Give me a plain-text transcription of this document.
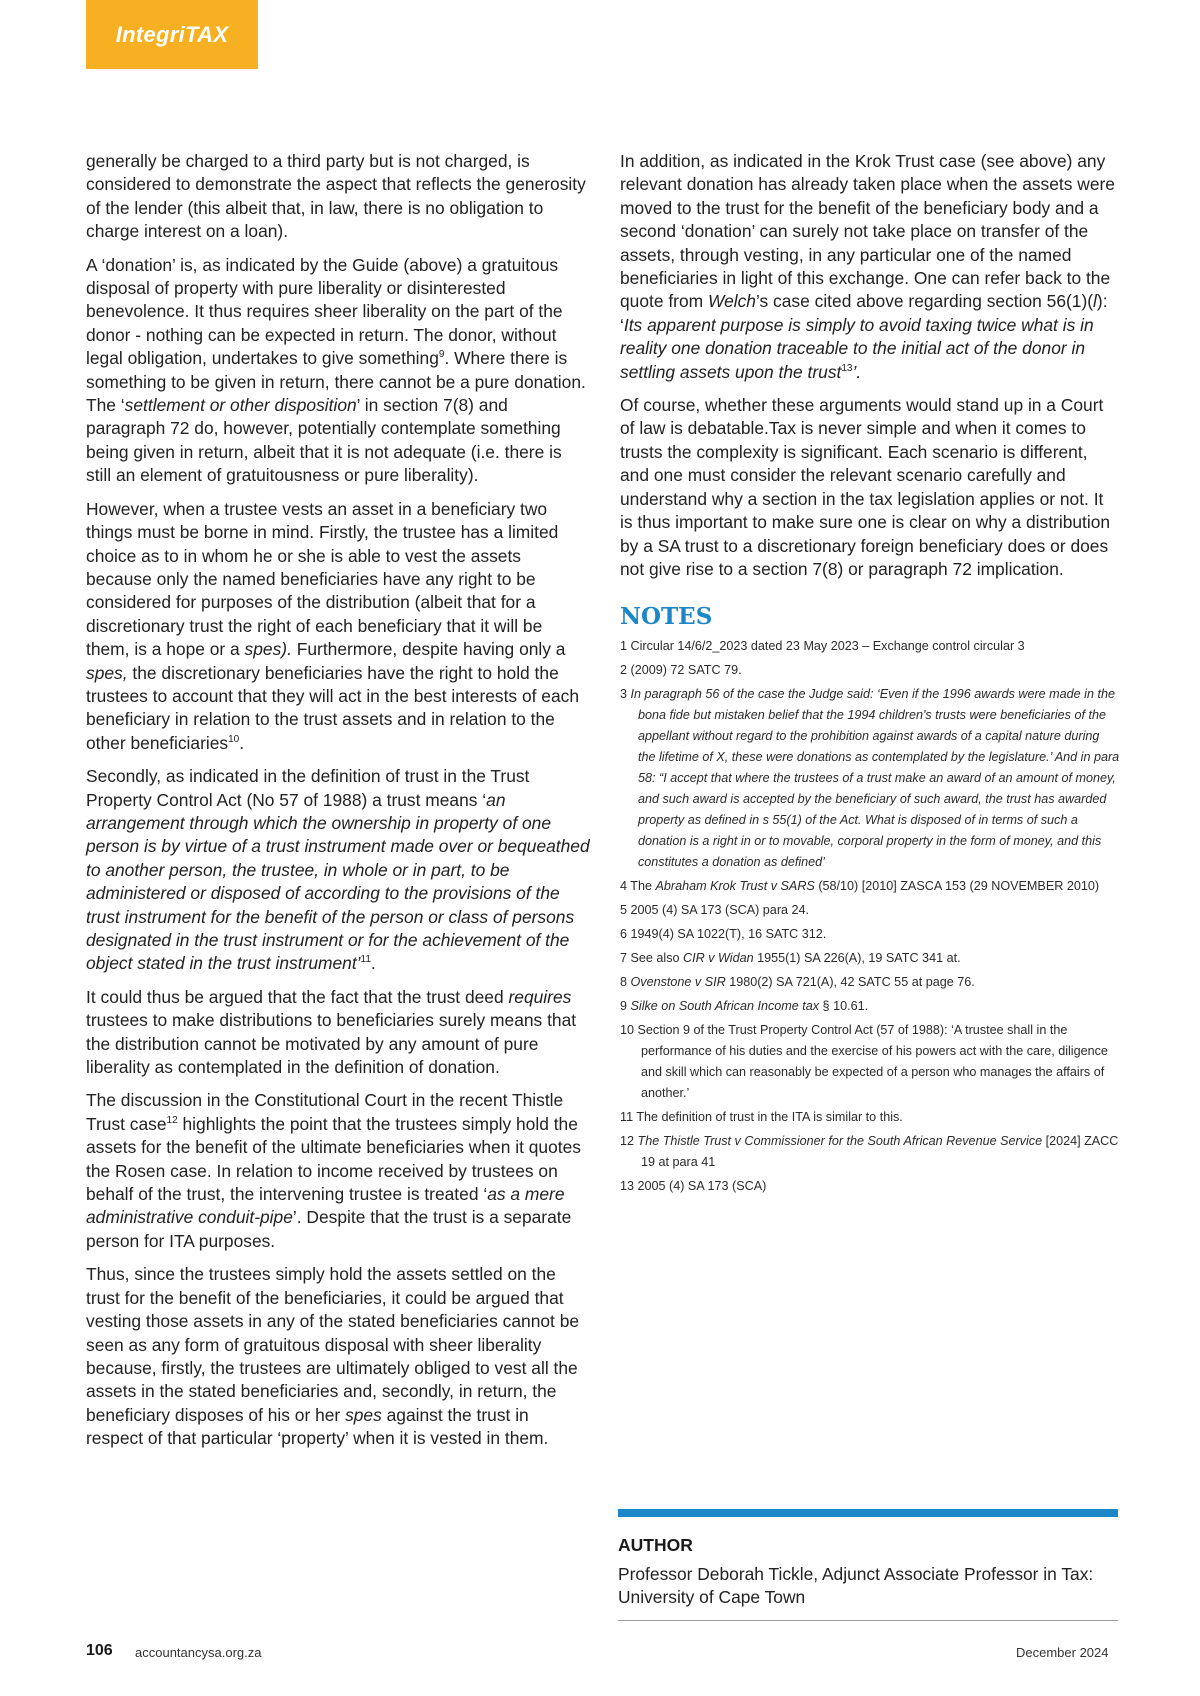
IntegriTAX

generally be charged to a third party but is not charged, is considered to demonstrate the aspect that reflects the generosity of the lender (this albeit that, in law, there is no obligation to charge interest on a loan).

A ‘donation’ is, as indicated by the Guide (above) a gratuitous disposal of property with pure liberality or disinterested benevolence. It thus requires sheer liberality on the part of the donor - nothing can be expected in return. The donor, without legal obligation, undertakes to give something$^9$. Where there is something to be given in return, there cannot be a pure donation. The ‘settlement or other disposition’ in section 7(8) and paragraph 72 do, however, potentially contemplate something being given in return, albeit that it is not adequate (i.e. there is still an element of gratuitousness or pure liberality).

However, when a trustee vests an asset in a beneficiary two things must be borne in mind. Firstly, the trustee has a limited choice as to in whom he or she is able to vest the assets because only the named beneficiaries have any right to be considered for purposes of the distribution (albeit that for a discretionary trust the right of each beneficiary that it will be them, is a hope or a spes). Furthermore, despite having only a spes, the discretionary beneficiaries have the right to hold the trustees to account that they will act in the best interests of each beneficiary in relation to the trust assets and in relation to the other beneficiaries$^{10}$.

Secondly, as indicated in the definition of trust in the Trust Property Control Act (No 57 of 1988) a trust means ‘an arrangement through which the ownership in property of one person is by virtue of a trust instrument made over or bequeathed to another person, the trustee, in whole or in part, to be administered or disposed of according to the provisions of the trust instrument for the benefit of the person or class of persons designated in the trust instrument or for the achievement of the object stated in the trust instrument’$^{11}$.

It could thus be argued that the fact that the trust deed requires trustees to make distributions to beneficiaries surely means that the distribution cannot be motivated by any amount of pure liberality as contemplated in the definition of donation.

The discussion in the Constitutional Court in the recent Thistle Trust case$^{12}$ highlights the point that the trustees simply hold the assets for the benefit of the ultimate beneficiaries when it quotes the Rosen case. In relation to income received by trustees on behalf of the trust, the intervening trustee is treated ‘as a mere administrative conduit-pipe’. Despite that the trust is a separate person for ITA purposes.

Thus, since the trustees simply hold the assets settled on the trust for the benefit of the beneficiaries, it could be argued that vesting those assets in any of the stated beneficiaries cannot be seen as any form of gratuitous disposal with sheer liberality because, firstly, the trustees are ultimately obliged to vest all the assets in the stated beneficiaries and, secondly, in return, the beneficiary disposes of his or her spes against the trust in respect of that particular ‘property’ when it is vested in them.

In addition, as indicated in the Krok Trust case (see above) any relevant donation has already taken place when the assets were moved to the trust for the benefit of the beneficiary body and a second ‘donation’ can surely not take place on transfer of the assets, through vesting, in any particular one of the named beneficiaries in light of this exchange. One can refer back to the quote from Welch’s case cited above regarding section 56(1)(l): ‘Its apparent purpose is simply to avoid taxing twice what is in reality one donation traceable to the initial act of the donor in settling assets upon the trust$^{13}$’.

Of course, whether these arguments would stand up in a Court of law is debatable.Tax is never simple and when it comes to trusts the complexity is significant. Each scenario is different, and one must consider the relevant scenario carefully and understand why a section in the tax legislation applies or not. It is thus important to make sure one is clear on why a distribution by a SA trust to a discretionary foreign beneficiary does or does not give rise to a section 7(8) or paragraph 72 implication.

NOTES
1 Circular 14/6/2_2023 dated 23 May 2023 – Exchange control circular 3
2 (2009) 72 SATC 79.
3 In paragraph 56 of the case the Judge said: ‘Even if the 1996 awards were made in the bona fide but mistaken belief that the 1994 children's trusts were beneficiaries of the appellant without regard to the prohibition against awards of a capital nature during the lifetime of X, these were donations as contemplated by the legislature.’ And in para 58: “I accept that where the trustees of a trust make an award of an amount of money, and such award is accepted by the beneficiary of such award, the trust has awarded property as defined in s 55(1) of the Act. What is disposed of in terms of such a donation is a right in or to movable, corporal property in the form of money, and this constitutes a donation as defined’
4 The Abraham Krok Trust v SARS (58/10) [2010] ZASCA 153 (29 NOVEMBER 2010)
5 2005 (4) SA 173 (SCA) para 24.
6 1949(4) SA 1022(T), 16 SATC 312.
7 See also CIR v Widan 1955(1) SA 226(A), 19 SATC 341 at.
8 Ovenstone v SIR 1980(2) SA 721(A), 42 SATC 55 at page 76.
9 Silke on South African Income tax § 10.61.
10 Section 9 of the Trust Property Control Act (57 of 1988): ‘A trustee shall in the performance of his duties and the exercise of his powers act with the care, diligence and skill which can reasonably be expected of a person who manages the affairs of another.’
11 The definition of trust in the ITA is similar to this.
12 The Thistle Trust v Commissioner for the South African Revenue Service [2024] ZACC 19 at para 41
13 2005 (4) SA 173 (SCA)
AUTHOR
Professor Deborah Tickle, Adjunct Associate Professor in Tax: University of Cape Town
106 accountancysa.org.za	December 2024
